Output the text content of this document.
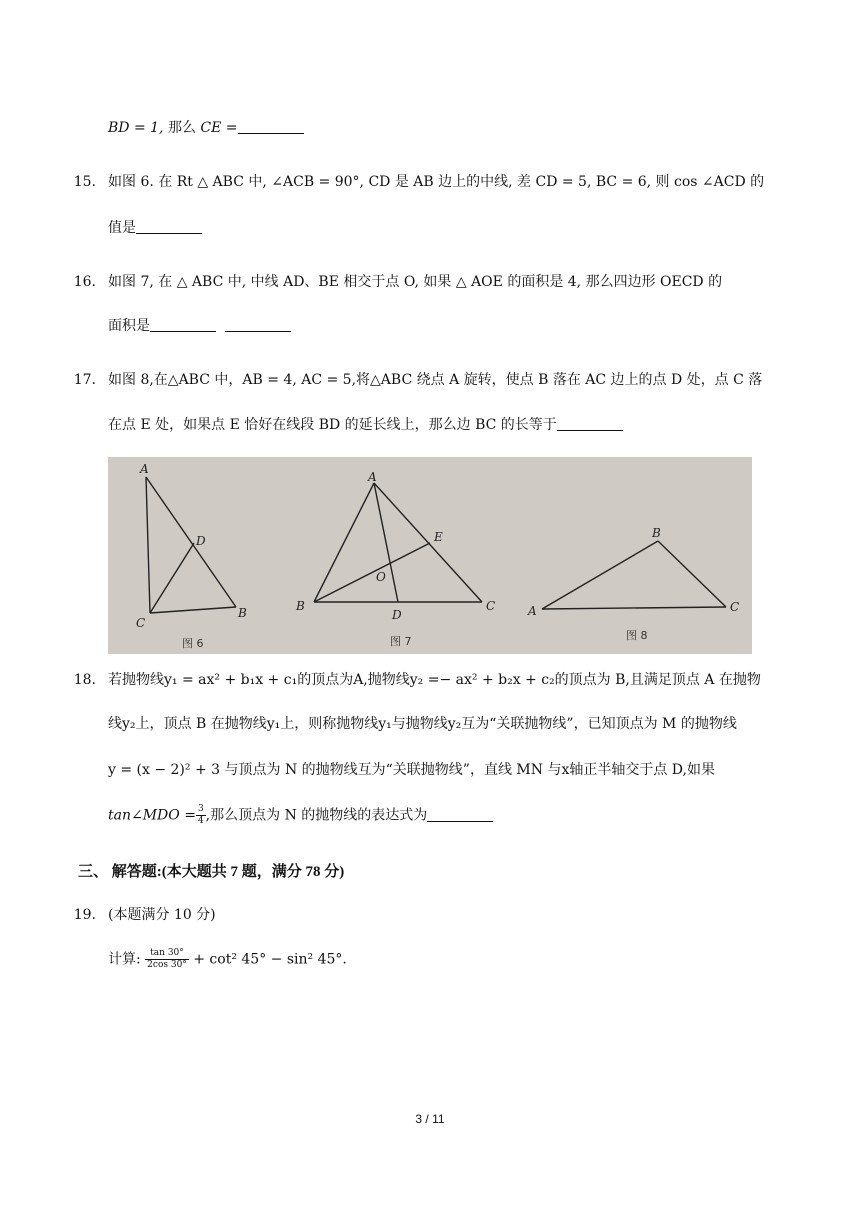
BD = 1, 那么 CE =
15. 如图 6. 在 Rt △ ABC 中, ∠ACB = 90°, CD 是 AB 边上的中线, 差 CD = 5, BC = 6, 则 cos ∠ACD 的
值是
16. 如图 7, 在 △ ABC 中, 中线 AD、BE 相交于点 O, 如果 △ AOE 的面积是 4, 那么四边形 OECD 的
面积是
17. 如图 8,在△ABC 中，AB = 4, AC = 5,将△ABC 绕点 A 旋转，使点 B 落在 AC 边上的点 D 处，点 C 落
在点 E 处，如果点 E 恰好在线段 BD 的延长线上，那么边 BC 的长等于
A
D
C
B
图 6
A
E
O
B
D
C
图 7
B
A	C
图 8
18. 若抛物线y₁ = ax² + b₁x + c₁的顶点为A,抛物线y₂ =− ax² + b₂x + c₂的顶点为 B,且满足顶点 A 在抛物
线y₂上，顶点 B 在抛物线y₁上，则称抛物线y₁与抛物线y₂互为“关联抛物线”，已知顶点为 M 的抛物线
y = (x − 2)² + 3 与顶点为 N 的抛物线互为“关联抛物线”，直线 MN 与x轴正半轴交于点 D,如果
tan∠MDO = $\frac{3}{4}$ ,那么顶点为 N 的抛物线的表达式为
三、 解答题:(本大题共 7 题，满分 78 分)
19. (本题满分 10 分)
计算: $\frac{\tan 30^\circ}{2\cos 30^\circ} + \cot^2$ 45° − sin² 45°.
3 / 11
